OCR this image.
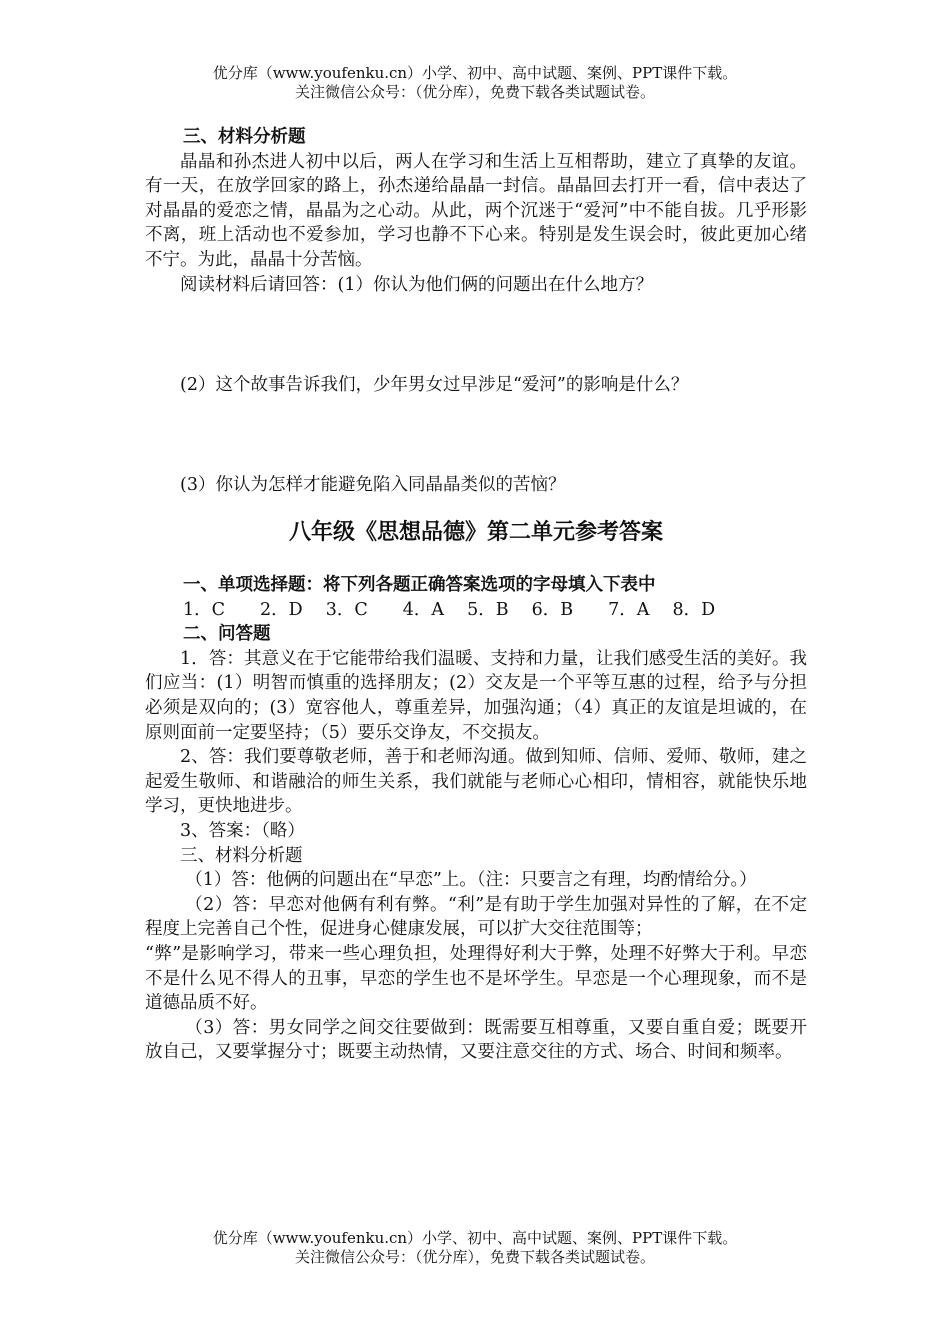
优分库（www.youfenku.cn）小学、初中、高中试题、案例、PPT课件下载。
关注微信公众号：（优分库），免费下载各类试题试卷。

三、材料分析题

晶晶和孙杰进人初中以后，两人在学习和生活上互相帮助，建立了真挚的友谊。有一天，在放学回家的路上，孙杰递给晶晶一封信。晶晶回去打开一看，信中表达了对晶晶的爱恋之情，晶晶为之心动。从此，两个沉迷于“爱河”中不能自拔。几乎形影不离，班上活动也不爱参加，学习也静不下心来。特别是发生误会时，彼此更加心绪不宁。为此，晶晶十分苦恼。

阅读材料后请回答：(1）你认为他们俩的问题出在什么地方？

(2）这个故事告诉我们，少年男女过早涉足“爱河”的影响是什么？

(3）你认为怎样才能避免陷入同晶晶类似的苦恼？

八年级《思想品德》第二单元参考答案

一、单项选择题：将下列各题正确答案选项的字母填入下表中

1．C　　2．D　 3．C　　4．A　 5．B　 6．B　　7．A　 8．D

二、问答题

1．答：其意义在于它能带给我们温暖、支持和力量，让我们感受生活的美好。我们应当：(1）明智而慎重的选择朋友；(2）交友是一个平等互惠的过程，给予与分担必须是双向的；(3）宽容他人，尊重差异，加强沟通；（4）真正的友谊是坦诚的，在原则面前一定要坚持；（5）要乐交诤友，不交损友。

2、答：我们要尊敬老师，善于和老师沟通。做到知师、信师、爱师、敬师，建之起爱生敬师、和谐融洽的师生关系，我们就能与老师心心相印，情相容，就能快乐地学习，更快地进步。

3、答案：（略）

三、材料分析题

（1）答：他俩的问题出在“早恋”上。（注：只要言之有理，均酌情给分。）

（2）答：早恋对他俩有利有弊。“利”是有助于学生加强对异性的了解，在不定程度上完善自己个性，促进身心健康发展，可以扩大交往范围等；

“弊”是影响学习，带来一些心理负担，处理得好利大于弊，处理不好弊大于利。早恋不是什么见不得人的丑事，早恋的学生也不是坏学生。早恋是一个心理现象，而不是道德品质不好。

（3）答：男女同学之间交往要做到：既需要互相尊重，又要自重自爱；既要开放自己，又要掌握分寸；既要主动热情，又要注意交往的方式、场合、时间和频率。

优分库（www.youfenku.cn）小学、初中、高中试题、案例、PPT课件下载。
关注微信公众号：（优分库），免费下载各类试题试卷。
